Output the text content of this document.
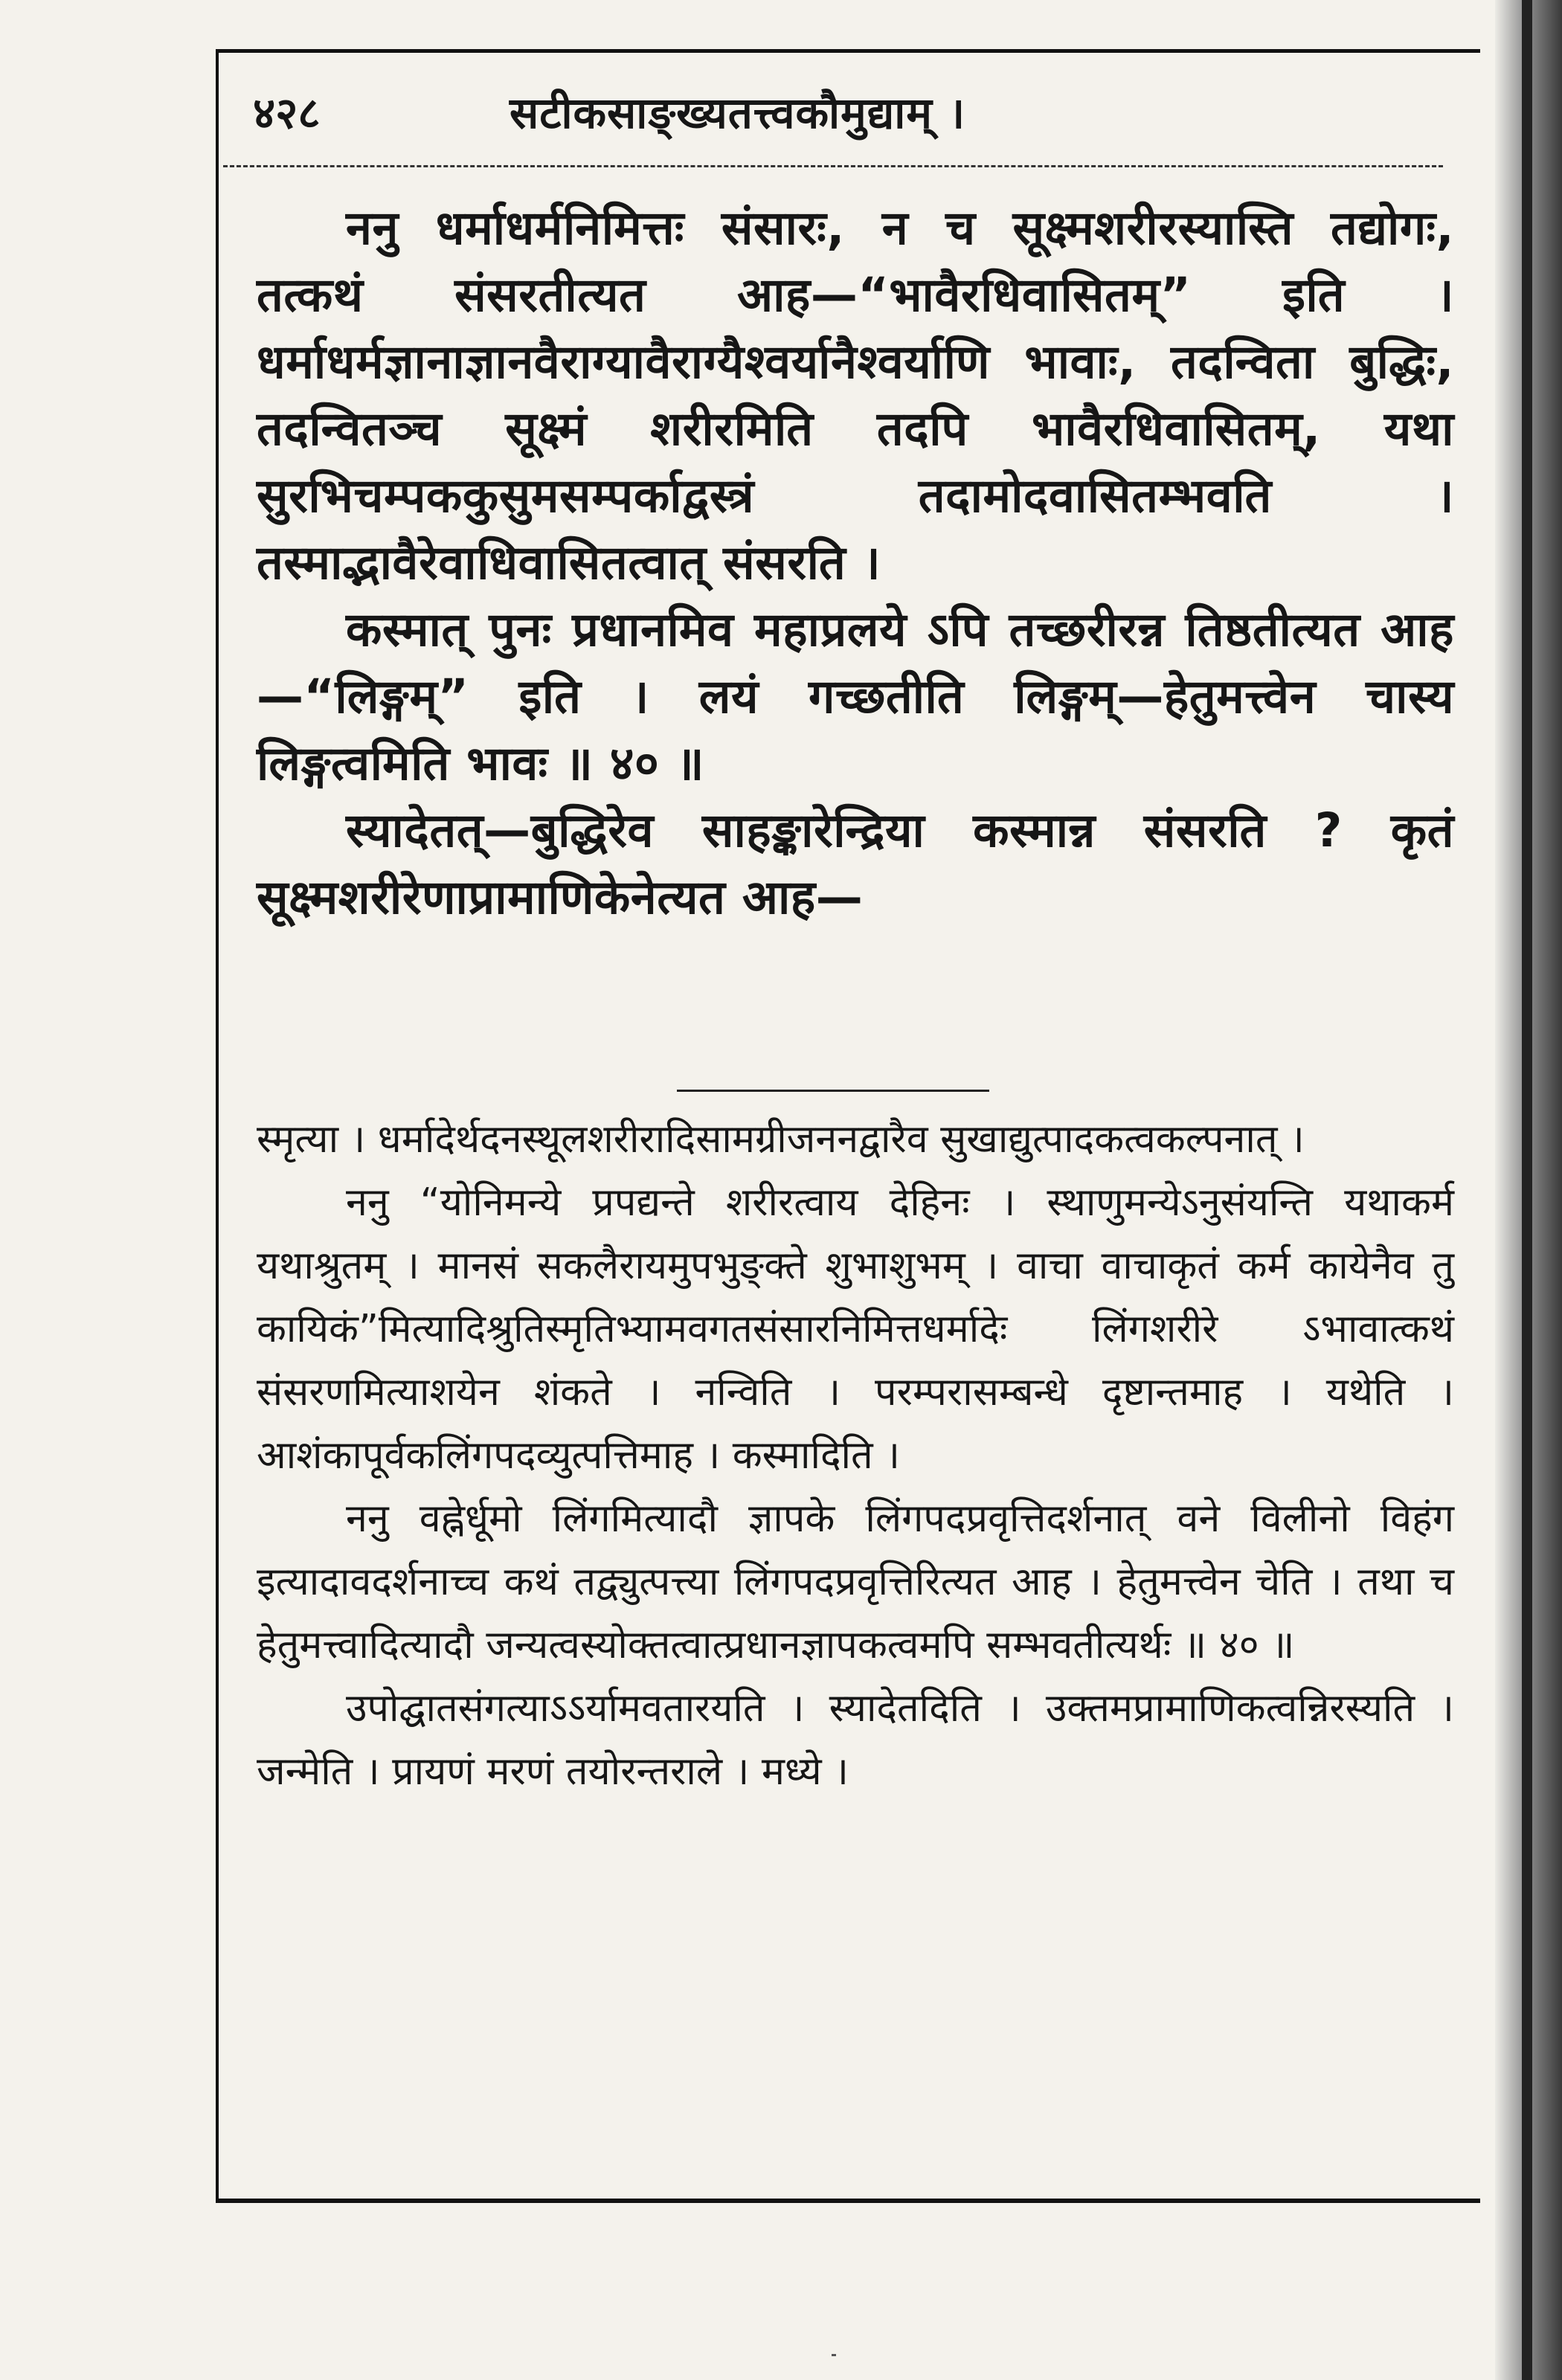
४२८	सटीकसाङ्ख्यतत्त्वकौमुद्याम् ।

ननु धर्माधर्मनिमित्तः संसारः, न च सूक्ष्मशरीरस्यास्ति तद्योगः, तत्कथं संसरतीत्यत आह—“भावैरधिवासितम्” इति । धर्माधर्मज्ञानाज्ञानवैराग्यावैराग्यैश्वर्यानैश्वर्याणि भावाः, तदन्विता बुद्धिः, तदन्वितञ्च सूक्ष्मं शरीरमिति तदपि भावैरधिवासितम्, यथा सुरभिचम्पककुसुमसम्पर्काद्वस्त्रं तदामोदवासितम्भवति । तस्माद्भावैरेवाधिवासितत्वात् संसरति ।

कस्मात् पुनः प्रधानमिव महाप्रलये ऽपि तच्छरीरन्न तिष्ठतीत्यत आह—“लिङ्गम्” इति । लयं गच्छतीति लिङ्गम्—हेतुमत्त्वेन चास्य लिङ्गत्वमिति भावः ॥ ४० ॥

स्यादेतत्—बुद्धिरेव साहङ्कारेन्द्रिया कस्मान्न संसरति ? कृतं सूक्ष्मशरीरेणाप्रामाणिकेनेत्यत आह—

स्मृत्या । धर्मादेर्थदनस्थूलशरीरादिसामग्रीजननद्वारैव सुखाद्युत्पादकत्वकल्पनात् ।

ननु “योनिमन्ये प्रपद्यन्ते शरीरत्वाय देहिनः । स्थाणुमन्येऽनुसंयन्ति यथाकर्म यथाश्रुतम् । मानसं सकलैरायमुपभुङ्क्ते शुभाशुभम् । वाचा वाचाकृतं कर्म कायेनैव तु कायिकं”मित्यादिश्रुतिस्मृतिभ्यामवगतसंसारनिमित्तधर्मादेः लिंगशरीरे ऽभावात्कथं संसरणमित्याशयेन शंकते । नन्विति । परम्परासम्बन्धे दृष्टान्तमाह । यथेति । आशंकापूर्वकलिंगपदव्युत्पत्तिमाह । कस्मादिति ।

ननु वह्नेर्धूमो लिंगमित्यादौ ज्ञापके लिंगपदप्रवृत्तिदर्शनात् वने विलीनो विहंग इत्यादावदर्शनाच्च कथं तद्व्युत्पत्त्या लिंगपदप्रवृत्तिरित्यत आह । हेतुमत्त्वेन चेति । तथा च हेतुमत्त्वादित्यादौ जन्यत्वस्योक्तत्वात्प्रधानज्ञापकत्वमपि सम्भवतीत्यर्थः ॥ ४० ॥

उपोद्घातसंगत्याऽऽर्यामवतारयति । स्यादेतदिति । उक्तमप्रामाणिकत्वन्निरस्यति । जन्मेति । प्रायणं मरणं तयोरन्तराले । मध्ये ।
